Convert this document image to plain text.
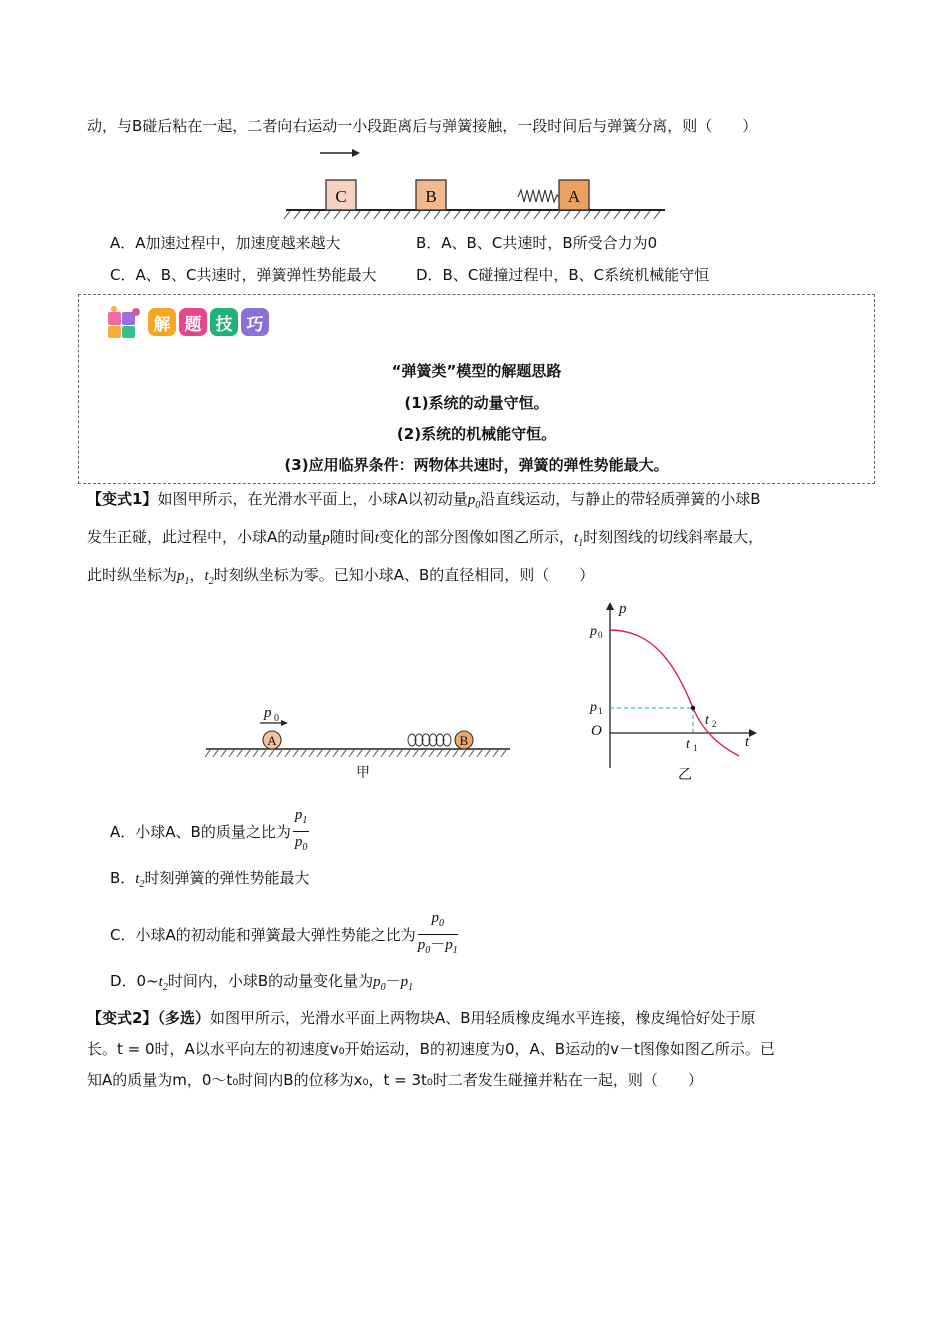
动，与B碰后粘在一起，二者向右运动一小段距离后与弹簧接触，一段时间后与弹簧分离，则（　　）
C	B	A
A．A加速过程中，加速度越来越大	B．A、B、C共速时，B所受合力为0
C．A、B、C共速时，弹簧弹性势能最大	D．B、C碰撞过程中，B、C系统机械能守恒
解 题 技 巧
“弹簧类”模型的解题思路
(1)系统的动量守恒。
(2)系统的机械能守恒。
(3)应用临界条件：两物体共速时，弹簧的弹性势能最大。
【变式1】如图甲所示，在光滑水平面上，小球A以初动量$p_0$沿直线运动，与静止的带轻质弹簧的小球B
发生正碰，此过程中，小球A的动量p随时间t变化的部分图像如图乙所示，$t_1$时刻图线的切线斜率最大，
此时纵坐标为$p_1$，$t_2$时刻纵坐标为零。已知小球A、B的直径相同，则（　　）
p 0
A	B
甲
p
t
O
p 0
p 1
t 2
t 1
乙
A．小球A、B的质量之比为 $\frac{p_1}{p_0}$
B．$t_2$时刻弹簧的弹性势能最大
C．小球A的初动能和弹簧最大弹性势能之比为 $\frac{p_0}{p_0-p_1}$
D．$0\sim t_2$时间内，小球B的动量变化量为$p_0-p_1$
【变式2】（多选）如图甲所示，光滑水平面上两物块A、B用轻质橡皮绳水平连接，橡皮绳恰好处于原
长。t = 0时，A以水平向左的初速度v₀开始运动，B的初速度为0，A、B运动的v－t图像如图乙所示。已
知A的质量为m，0～t₀时间内B的位移为x₀，t = 3t₀时二者发生碰撞并粘在一起，则（　　）
